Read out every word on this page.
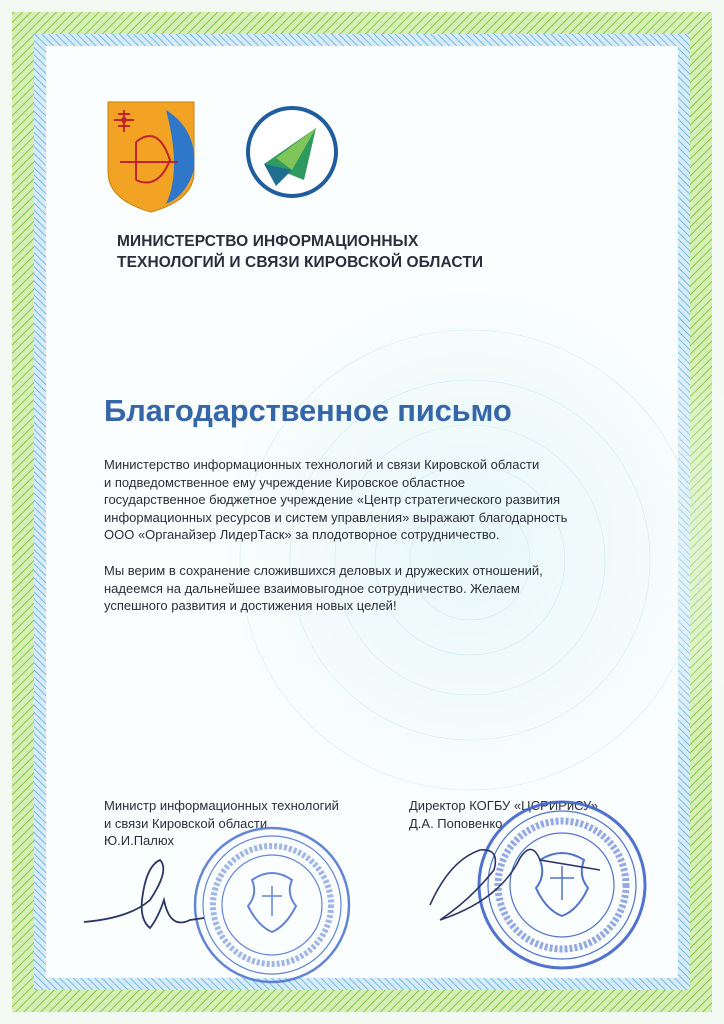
МИНИСТЕРСТВО ИНФОРМАЦИОННЫХ
ТЕХНОЛОГИЙ И СВЯЗИ КИРОВСКОЙ ОБЛАСТИ
Благодарственное письмо
Министерство информационных технологий и связи Кировской области
и подведомственное ему учреждение Кировское областное
государственное бюджетное учреждение «Центр стратегического развития
информационных ресурсов и систем управления» выражают благодарность
ООО «Органайзер ЛидерТаск» за плодотворное сотрудничество.
Мы верим в сохранение сложившихся деловых и дружеских отношений,
надеемся на дальнейшее взаимовыгодное сотрудничество. Желаем
успешного развития и достижения новых целей!
Министр информационных технологий
и связи Кировской области
Ю.И.Палюх
Директор КОГБУ «ЦСРИРиСУ»
Д.А. Поповенко
